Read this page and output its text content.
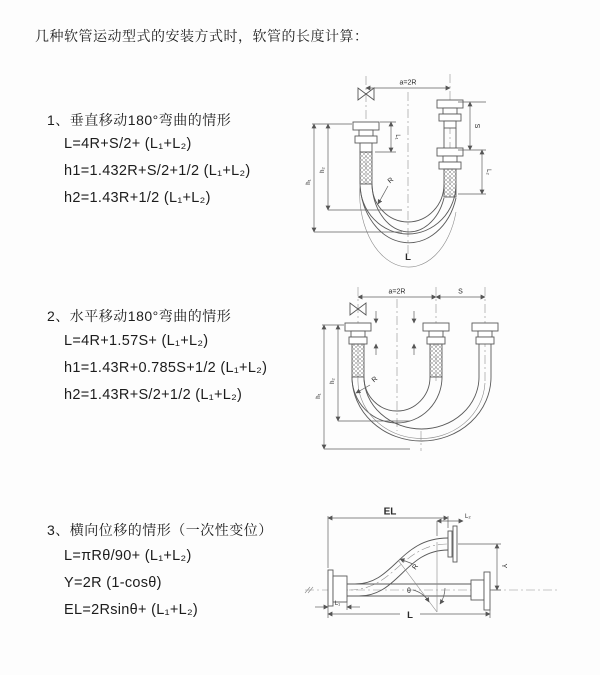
几种软管运动型式的安装方式时，软管的长度计算：
1、垂直移动180°弯曲的情形
L=4R+S/2+ (L₁+L₂)
h1=1.432R+S/2+1/2 (L₁+L₂)
h2=1.43R+1/2 (L₁+L₂)
2、水平移动180°弯曲的情形
L=4R+1.57S+ (L₁+L₂)
h1=1.43R+0.785S+1/2 (L₁+L₂)
h2=1.43R+S/2+1/2 (L₁+L₂)
3、横向位移的情形（一次性变位）
L=πRθ/90+ (L₁+L₂)
Y=2R (1-cosθ)
EL=2Rsinθ+ (L₁+L₂)
a=2R
S
L₂
L₁
h₂
h₁	R
L
a=2R	S
h₂
h₁
R
θ
EL	L₂
Y
R
L
L₁
